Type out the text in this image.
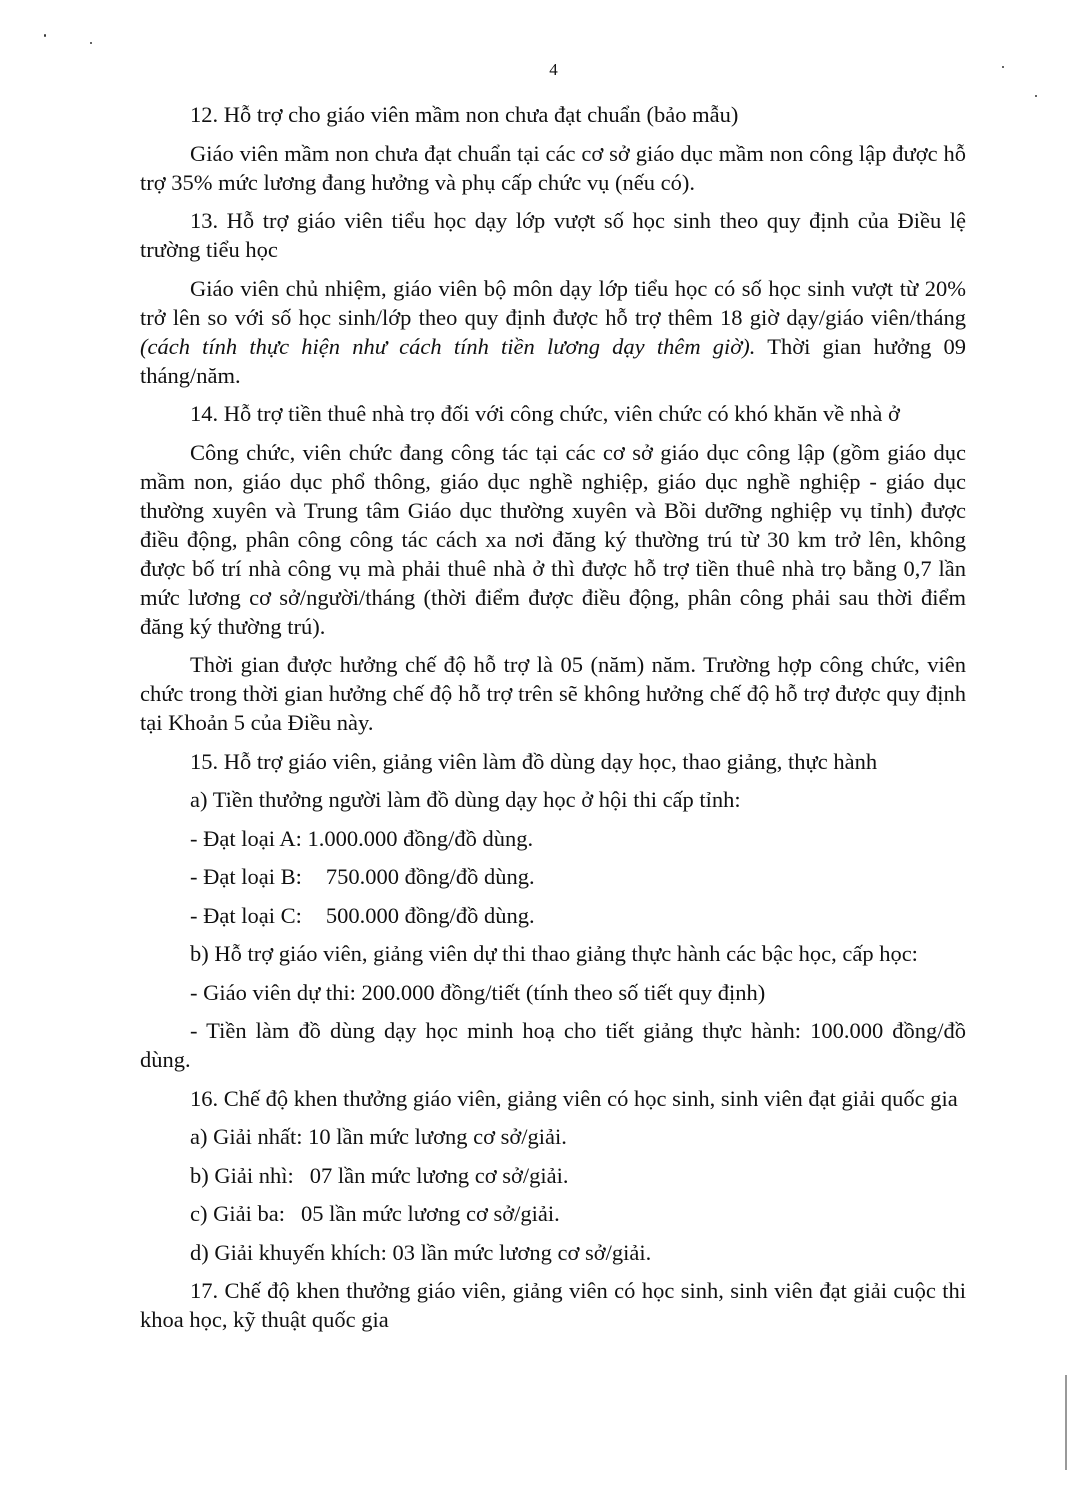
4

12. Hỗ trợ cho giáo viên mầm non chưa đạt chuẩn (bảo mẫu)

Giáo viên mầm non chưa đạt chuẩn tại các cơ sở giáo dục mầm non công lập được hỗ trợ 35% mức lương đang hưởng và phụ cấp chức vụ (nếu có).

13. Hỗ trợ giáo viên tiểu học dạy lớp vượt số học sinh theo quy định của Điều lệ trường tiểu học

Giáo viên chủ nhiệm, giáo viên bộ môn dạy lớp tiểu học có số học sinh vượt từ 20% trở lên so với số học sinh/lớp theo quy định được hỗ trợ thêm 18 giờ dạy/giáo viên/tháng (cách tính thực hiện như cách tính tiền lương dạy thêm giờ). Thời gian hưởng 09 tháng/năm.

14. Hỗ trợ tiền thuê nhà trọ đối với công chức, viên chức có khó khăn về nhà ở

Công chức, viên chức đang công tác tại các cơ sở giáo dục công lập (gồm giáo dục mầm non, giáo dục phổ thông, giáo dục nghề nghiệp, giáo dục nghề nghiệp - giáo dục thường xuyên và Trung tâm Giáo dục thường xuyên và Bồi dưỡng nghiệp vụ tỉnh) được điều động, phân công công tác cách xa nơi đăng ký thường trú từ 30 km trở lên, không được bố trí nhà công vụ mà phải thuê nhà ở thì được hỗ trợ tiền thuê nhà trọ bằng 0,7 lần mức lương cơ sở/người/tháng (thời điểm được điều động, phân công phải sau thời điểm đăng ký thường trú).

Thời gian được hưởng chế độ hỗ trợ là 05 (năm) năm. Trường hợp công chức, viên chức trong thời gian hưởng chế độ hỗ trợ trên sẽ không hưởng chế độ hỗ trợ được quy định tại Khoản 5 của Điều này.

15. Hỗ trợ giáo viên, giảng viên làm đồ dùng dạy học, thao giảng, thực hành

a) Tiền thưởng người làm đồ dùng dạy học ở hội thi cấp tỉnh:

- Đạt loại A: 1.000.000 đồng/đồ dùng.

- Đạt loại B: 750.000 đồng/đồ dùng.

- Đạt loại C: 500.000 đồng/đồ dùng.

b) Hỗ trợ giáo viên, giảng viên dự thi thao giảng thực hành các bậc học, cấp học:

- Giáo viên dự thi: 200.000 đồng/tiết (tính theo số tiết quy định)

- Tiền làm đồ dùng dạy học minh hoạ cho tiết giảng thực hành: 100.000 đồng/đồ dùng.

16. Chế độ khen thưởng giáo viên, giảng viên có học sinh, sinh viên đạt giải quốc gia

a) Giải nhất: 10 lần mức lương cơ sở/giải.

b) Giải nhì: 07 lần mức lương cơ sở/giải.

c) Giải ba: 05 lần mức lương cơ sở/giải.

d) Giải khuyến khích: 03 lần mức lương cơ sở/giải.

17. Chế độ khen thưởng giáo viên, giảng viên có học sinh, sinh viên đạt giải cuộc thi khoa học, kỹ thuật quốc gia
